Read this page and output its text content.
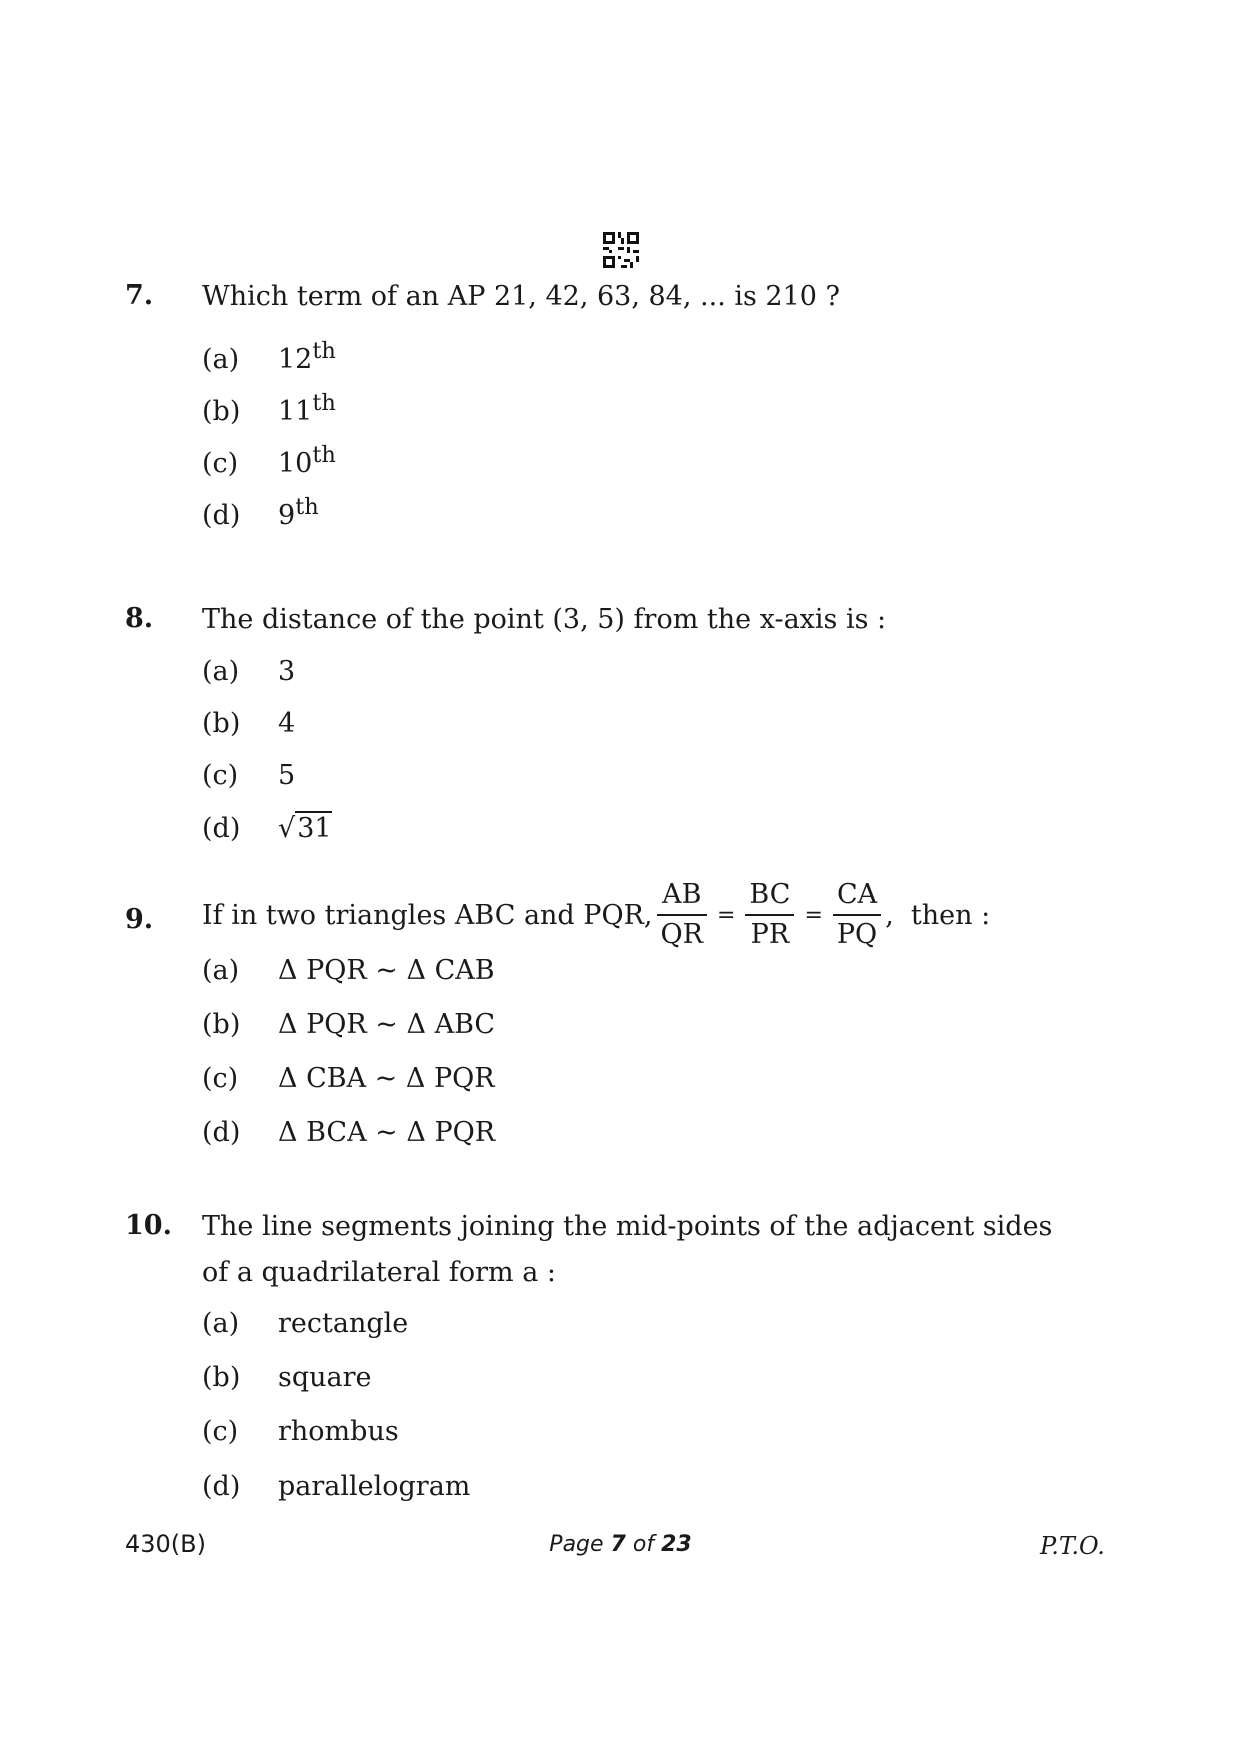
7. Which term of an AP 21, 42, 63, 84, ... is 210 ?
(a) 12th
(b) 11th
(c) 10th
(d) 9th
8. The distance of the point (3, 5) from the x-axis is :
(a) 3
(b) 4
(c) 5
(d) √31
9. If in two triangles ABC and PQR, $\frac{AB}{QR} = \frac{BC}{PR} = \frac{CA}{PQ}$ ,  then :
(a) Δ PQR ~ Δ CAB
(b) Δ PQR ~ Δ ABC
(c) Δ CBA ~ Δ PQR
(d) Δ BCA ~ Δ PQR
10. The line segments joining the mid-points of the adjacent sides
of a quadrilateral form a :
(a) rectangle
(b) square
(c) rhombus
(d) parallelogram
430(B)	Page 7 of 23	P.T.O.
